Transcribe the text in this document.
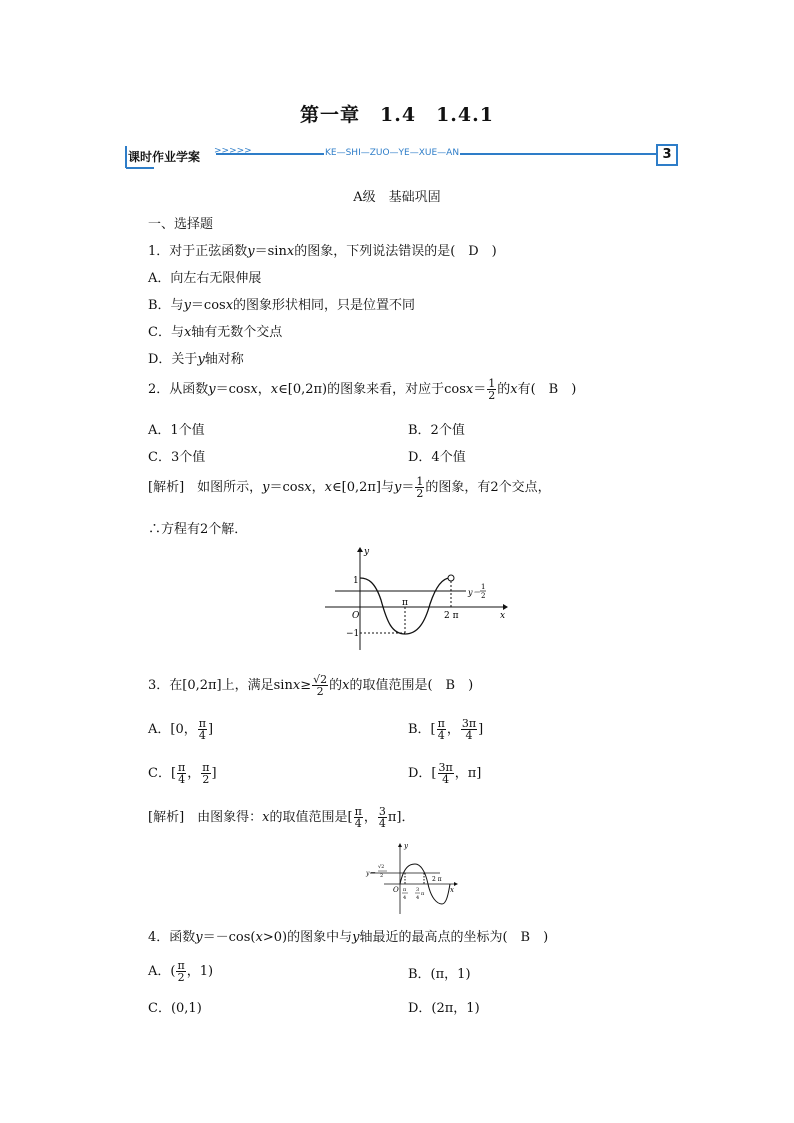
第一章　1.4　1.4.1
课时作业学案 >>>>>	KE—SHI—ZUO—YE—XUE—AN	3
A级　基础巩固
一、选择题
1．对于正弦函数y＝sinx的图象，下列说法错误的是(　D　)
A．向左右无限伸展
B．与y＝cosx的图象形状相同，只是位置不同
C．与x轴有无数个交点
D．关于y轴对称
2．从函数y＝cosx，x∈[0,2π)的图象来看，对应于$\cos x= \frac{1}{2}$ 的x有(　B　)
A．1个值	B．2个值
C．3个值	D．4个值
[解析]　如图所示，y＝cosx，x∈[0,2π]与$y= \frac{1}{2}$ 的图象，有2个交点，
∴方程有2个解．
y
x
O
1
−1
π
2 π
y＝
1
2
3．在[0,2π]上，满足$\sin x\ge \frac{√2}{2}$ 的x的取值范围是(　B　)
A．[0， $\frac{\pi}{4}$ ]	B．[ $\frac{\pi}{4}$ ， $\frac{3\pi}{4}$ ]
C．[ $\frac{\pi}{4}$ ， $\frac{\pi}{2}$ ]	D．[ $\frac{3\pi}{4}$ ，π]
[解析]　由图象得：x的取值范围是[ $\frac{\pi}{4}$ ， $\frac{3}{4} \pi$]．
y
x
O
2 π
y＝
√2
2
π
4
3
4
π
4．函数y＝－cos(x>0)的图象中与y轴最近的最高点的坐标为(　B　)
A．( $\frac{\pi}{2}$ ，1)	B．(π，1)
C．(0,1)	D．(2π，1)
